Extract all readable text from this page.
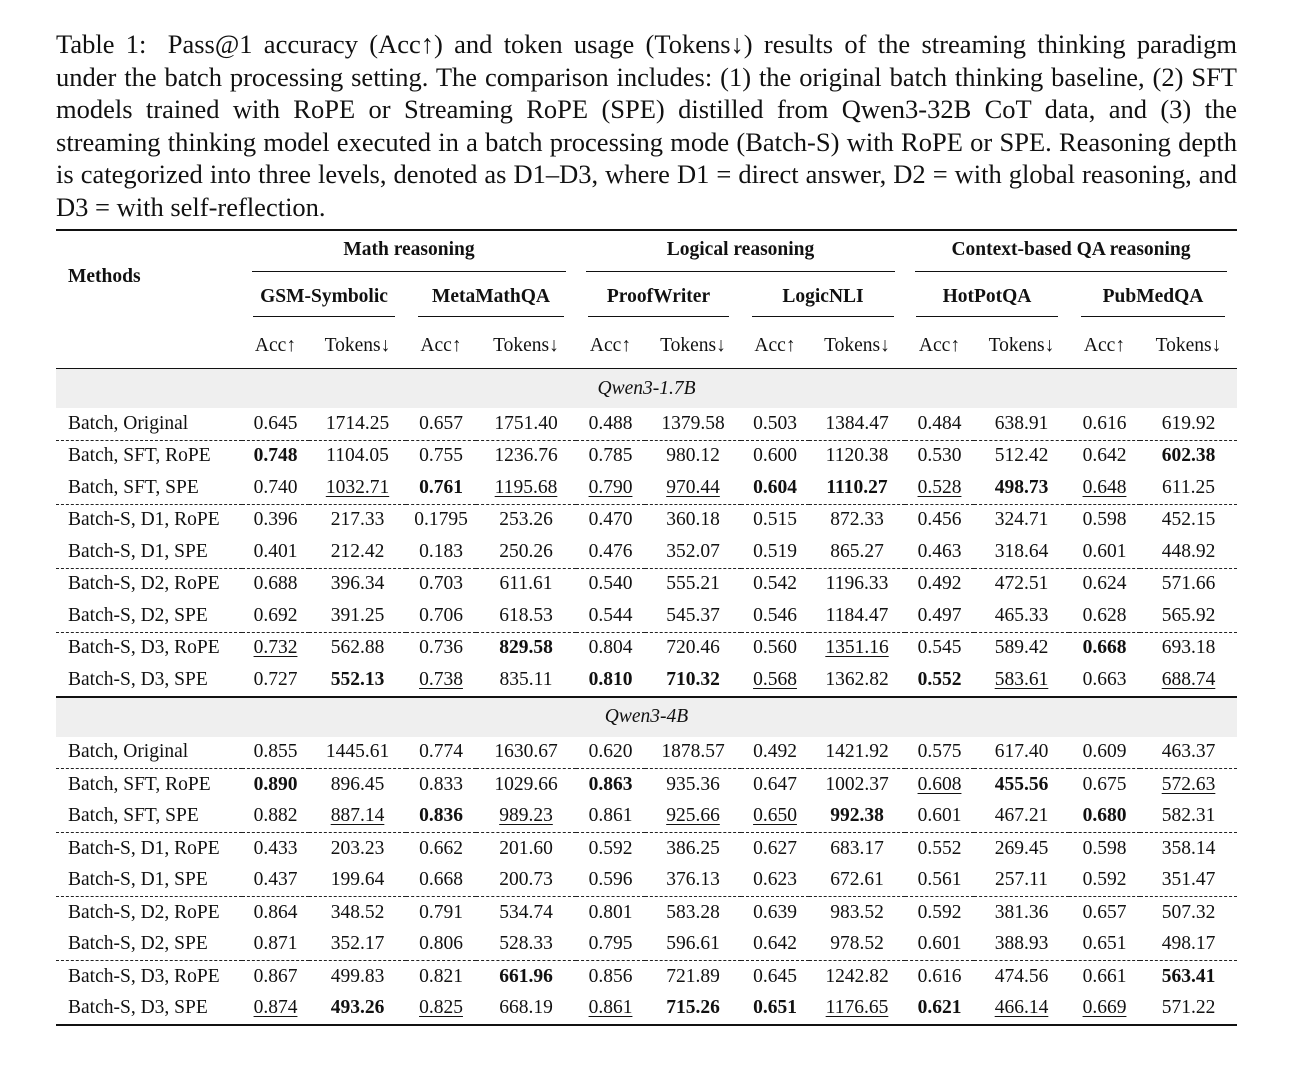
Table 1: Pass@1 accuracy (Acc↑) and token usage (Tokens↓) results of the streaming thinking paradigm under the batch processing setting. The comparison includes: (1) the original batch thinking baseline, (2) SFT models trained with RoPE or Streaming RoPE (SPE) distilled from Qwen3-32B CoT data, and (3) the streaming thinking model executed in a batch processing mode (Batch-S) with RoPE or SPE. Reasoning depth is categorized into three levels, denoted as D1–D3, where D1 = direct answer, D2 = with global reasoning, and D3 = with self-reflection.

Methods	Math reasoning				Logical reasoning				Context-based QA reasoning			
	GSM-Symbolic		MetaMathQA		ProofWriter		LogicNLI		HotPotQA		PubMedQA	
	Acc↑	Tokens↓	Acc↑	Tokens↓	Acc↑	Tokens↓	Acc↑	Tokens↓	Acc↑	Tokens↓	Acc↑	Tokens↓
Qwen3-1.7B												
Batch, Original	0.645	1714.25	0.657	1751.40	0.488	1379.58	0.503	1384.47	0.484	638.91	0.616	619.92
Batch, SFT, RoPE	0.748	1104.05	0.755	1236.76	0.785	980.12	0.600	1120.38	0.530	512.42	0.642	602.38
Batch, SFT, SPE	0.740	1032.71	0.761	1195.68	0.790	970.44	0.604	1110.27	0.528	498.73	0.648	611.25
Batch-S, D1, RoPE	0.396	217.33	0.1795	253.26	0.470	360.18	0.515	872.33	0.456	324.71	0.598	452.15
Batch-S, D1, SPE	0.401	212.42	0.183	250.26	0.476	352.07	0.519	865.27	0.463	318.64	0.601	448.92
Batch-S, D2, RoPE	0.688	396.34	0.703	611.61	0.540	555.21	0.542	1196.33	0.492	472.51	0.624	571.66
Batch-S, D2, SPE	0.692	391.25	0.706	618.53	0.544	545.37	0.546	1184.47	0.497	465.33	0.628	565.92
Batch-S, D3, RoPE	0.732	562.88	0.736	829.58	0.804	720.46	0.560	1351.16	0.545	589.42	0.668	693.18
Batch-S, D3, SPE	0.727	552.13	0.738	835.11	0.810	710.32	0.568	1362.82	0.552	583.61	0.663	688.74
Qwen3-4B												
Batch, Original	0.855	1445.61	0.774	1630.67	0.620	1878.57	0.492	1421.92	0.575	617.40	0.609	463.37
Batch, SFT, RoPE	0.890	896.45	0.833	1029.66	0.863	935.36	0.647	1002.37	0.608	455.56	0.675	572.63
Batch, SFT, SPE	0.882	887.14	0.836	989.23	0.861	925.66	0.650	992.38	0.601	467.21	0.680	582.31
Batch-S, D1, RoPE	0.433	203.23	0.662	201.60	0.592	386.25	0.627	683.17	0.552	269.45	0.598	358.14
Batch-S, D1, SPE	0.437	199.64	0.668	200.73	0.596	376.13	0.623	672.61	0.561	257.11	0.592	351.47
Batch-S, D2, RoPE	0.864	348.52	0.791	534.74	0.801	583.28	0.639	983.52	0.592	381.36	0.657	507.32
Batch-S, D2, SPE	0.871	352.17	0.806	528.33	0.795	596.61	0.642	978.52	0.601	388.93	0.651	498.17
Batch-S, D3, RoPE	0.867	499.83	0.821	661.96	0.856	721.89	0.645	1242.82	0.616	474.56	0.661	563.41
Batch-S, D3, SPE	0.874	493.26	0.825	668.19	0.861	715.26	0.651	1176.65	0.621	466.14	0.669	571.22
